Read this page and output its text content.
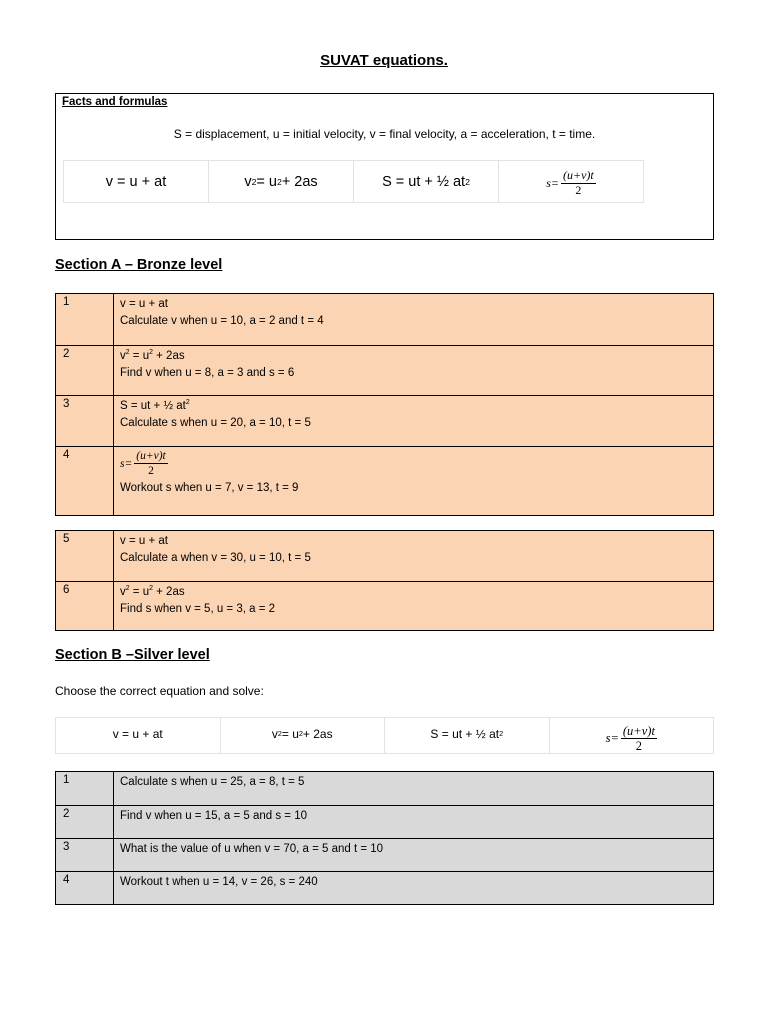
SUVAT equations.
Facts and formulas
S = displacement, u = initial velocity, v = final velocity, a = acceleration, t = time.
v = u + at	v 2 = u 2 + 2as	S = ut + ½ at 2	$s= \frac{(u+v)t}{2}$
Section A – Bronze level
1	v = u + at
Calculate v when u = 10, a = 2 and t = 4
2	$v^2 = u^2 + 2as$
Find v when u = 8, a = 3 and s = 6
3	S = ut + ½ $at^2$
Calculate s when u = 20, a = 10, t = 5
4
$s= \frac{(u+v)t}{2}$
Workout s when u = 7, v = 13, t = 9
5	v = u + at
Calculate a when v = 30, u = 10, t = 5
6	$v^2 = u^2 + 2as$
Find s when v = 5, u = 3, a = 2
Section B –Silver level
Choose the correct equation and solve:
v = u + at	v 2 = u 2 + 2as	S = ut + ½ at 2	$s= \frac{(u+v)t}{2}$
1	Calculate s when u = 25, a = 8, t = 5
2	Find v when u = 15, a = 5 and s = 10
3	What is the value of u when v = 70, a = 5 and t = 10
4	Workout t when u = 14, v = 26, s = 240
